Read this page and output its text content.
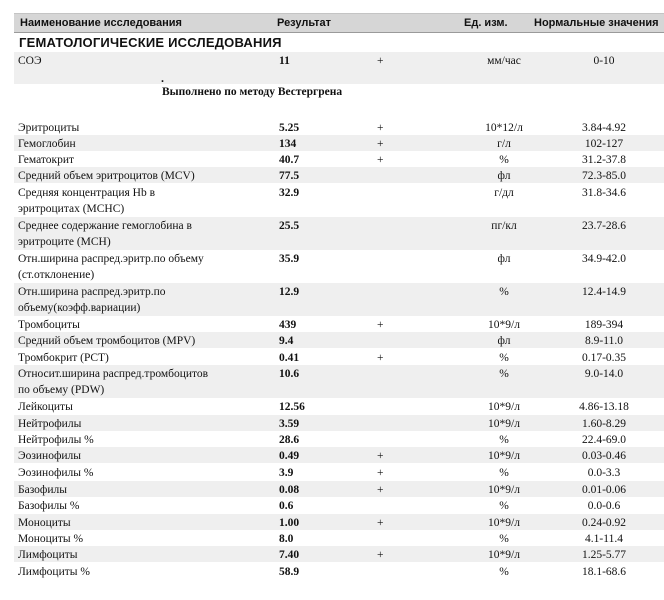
Наименование исследования	Результат	Ед. изм. Нормальные значения
ГЕМАТОЛОГИЧЕСКИЕ ИССЛЕДОВАНИЯ
СОЭ	11	+	мм/час	0-10
Эритроциты	5.25	+	10*12/л	3.84-4.92
Гемоглобин	134	+	г/л	102-127
Гематокрит	40.7	+	%	31.2-37.8
Средний объем эритроцитов (MCV)	77.5	фл	72.3-85.0
Средняя концентрация Hb в
эритроцитах (MCHC)
32.9	г/дл	31.8-34.6
Среднее содержание гемоглобина в
эритроците (MCH)
25.5	пг/кл	23.7-28.6
Отн.ширина распред.эритр.по объему
(ст.отклонение)
35.9	фл	34.9-42.0
Отн.ширина распред.эритр.по
объему(коэфф.вариации)
12.9	%	12.4-14.9
Тромбоциты	439	+	10*9/л	189-394
Средний объем тромбоцитов (MPV)	9.4	фл	8.9-11.0
Тромбокрит (PCT)	0.41	+	%	0.17-0.35
Относит.ширина распред.тромбоцитов
по объему (PDW)
10.6	%	9.0-14.0
Лейкоциты	12.56	10*9/л	4.86-13.18
Нейтрофилы	3.59	10*9/л	1.60-8.29
Нейтрофилы %	28.6	%	22.4-69.0
Эозинофилы	0.49	+	10*9/л	0.03-0.46
Эозинофилы %	3.9	+	%	0.0-3.3
Базофилы	0.08	+	10*9/л	0.01-0.06
Базофилы %	0.6	%	0.0-0.6
Моноциты	1.00	+	10*9/л	0.24-0.92
Моноциты %	8.0	%	4.1-11.4
Лимфоциты	7.40	+	10*9/л	1.25-5.77
Лимфоциты %	58.9	%	18.1-68.6
.
Выполнено по методу Вестергрена
